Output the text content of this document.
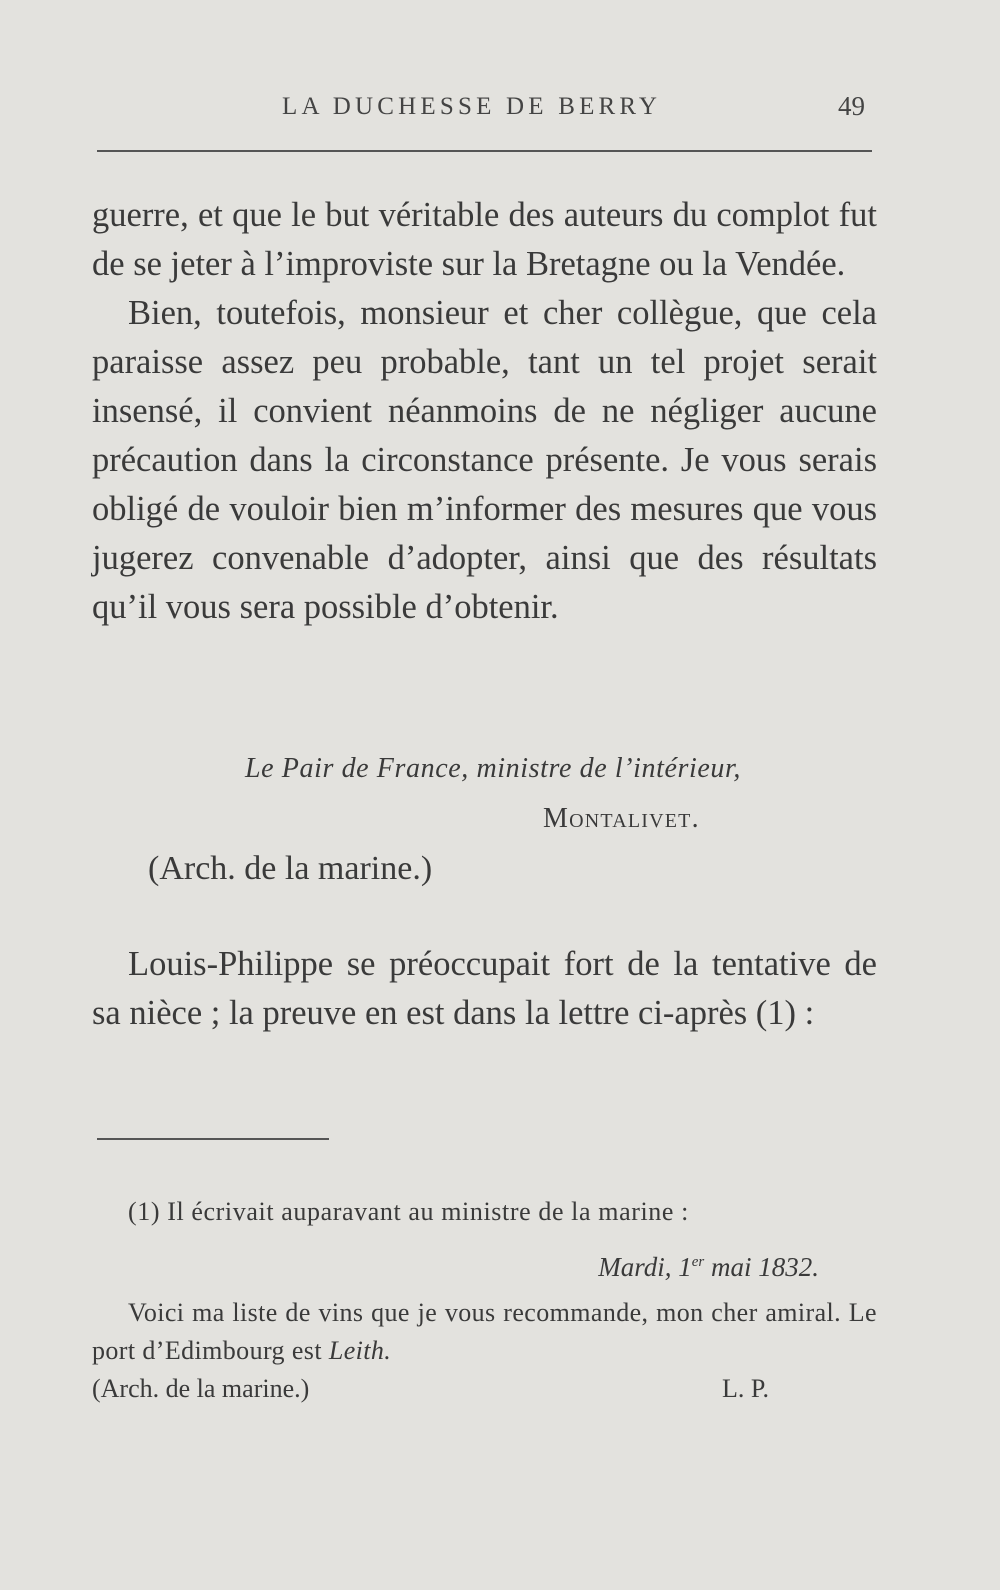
LA DUCHESSE DE BERRY	49

guerre, et que le but véritable des auteurs du complot fut de se jeter à l’improviste sur la Bretagne ou la Vendée.

Bien, toutefois, monsieur et cher collègue, que cela paraisse assez peu probable, tant un tel projet serait insensé, il convient néanmoins de ne négliger aucune précaution dans la circonstance présente. Je vous serais obligé de vouloir bien m’informer des mesures que vous jugerez convenable d’adopter, ainsi que des résultats qu’il vous sera possible d’obtenir.

Le Pair de France, ministre de l’intérieur,
Montalivet.
(Arch. de la marine.)

Louis-Philippe se préoccupait fort de la tentative de sa nièce ; la preuve en est dans la lettre ci-après (1) :

(1) Il écrivait auparavant au ministre de la marine :

Mardi, 1er mai 1832.

Voici ma liste de vins que je vous recommande, mon cher amiral. Le port d’Edimbourg est Leith.

(Arch. de la marine.)	L. P.
